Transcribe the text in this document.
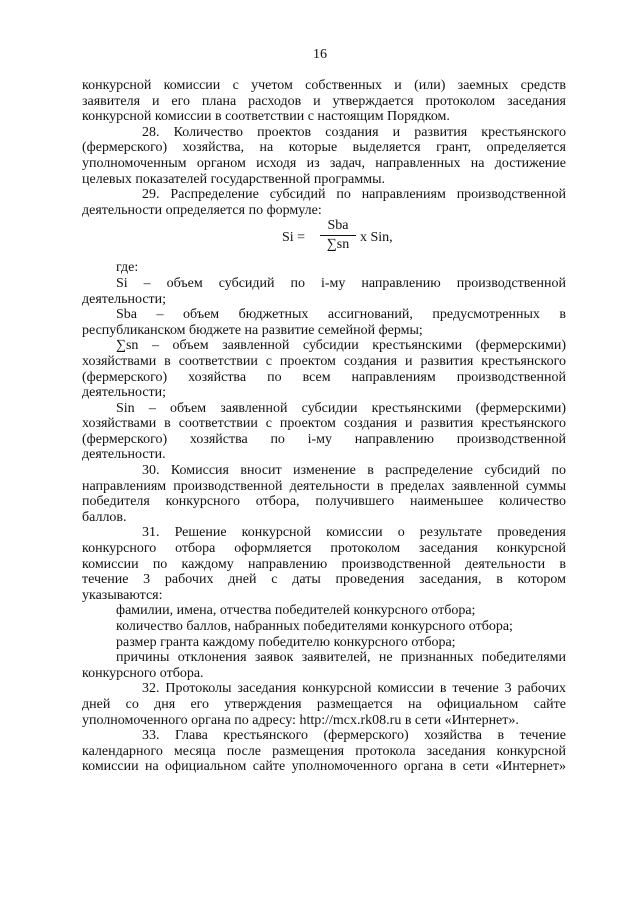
16

конкурсной комиссии с учетом собственных и (или) заемных средств

заявителя и его плана расходов и утверждается протоколом заседания

конкурсной комиссии в соответствии с настоящим Порядком.

28. Количество проектов создания и развития крестьянского

(фермерского) хозяйства, на которые выделяется грант, определяется

уполномоченным органом исходя из задач, направленных на достижение

целевых показателей государственной программы.

29. Распределение субсидий по направлениям производственной

деятельности определяется по формуле:

Si =
Sba
∑sn x Sin,

где:

Si – объем субсидий по i-му направлению производственной

деятельности;

Sba – объем бюджетных ассигнований, предусмотренных в

республиканском бюджете на развитие семейной фермы;

∑sn – объем заявленной субсидии крестьянскими (фермерскими)

хозяйствами в соответствии с проектом создания и развития крестьянского

(фермерского) хозяйства по всем направлениям производственной

деятельности;

Sin – объем заявленной субсидии крестьянскими (фермерскими)

хозяйствами в соответствии с проектом создания и развития крестьянского

(фермерского) хозяйства по i-му направлению производственной

деятельности.

30. Комиссия вносит изменение в распределение субсидий по

направлениям производственной деятельности в пределах заявленной суммы

победителя конкурсного отбора, получившего наименьшее количество

баллов.

31. Решение конкурсной комиссии о результате проведения

конкурсного отбора оформляется протоколом заседания конкурсной

комиссии по каждому направлению производственной деятельности в

течение 3 рабочих дней с даты проведения заседания, в котором

указываются:

фамилии, имена, отчества победителей конкурсного отбора;

количество баллов, набранных победителями конкурсного отбора;

размер гранта каждому победителю конкурсного отбора;

причины отклонения заявок заявителей, не признанных победителями

конкурсного отбора.

32. Протоколы заседания конкурсной комиссии в течение 3 рабочих

дней со дня его утверждения размещается на официальном сайте

уполномоченного органа по адресу: http://mcx.rk08.ru в сети «Интернет».

33. Глава крестьянского (фермерского) хозяйства в течение

календарного месяца после размещения протокола заседания конкурсной

комиссии на официальном сайте уполномоченного органа в сети «Интернет»
